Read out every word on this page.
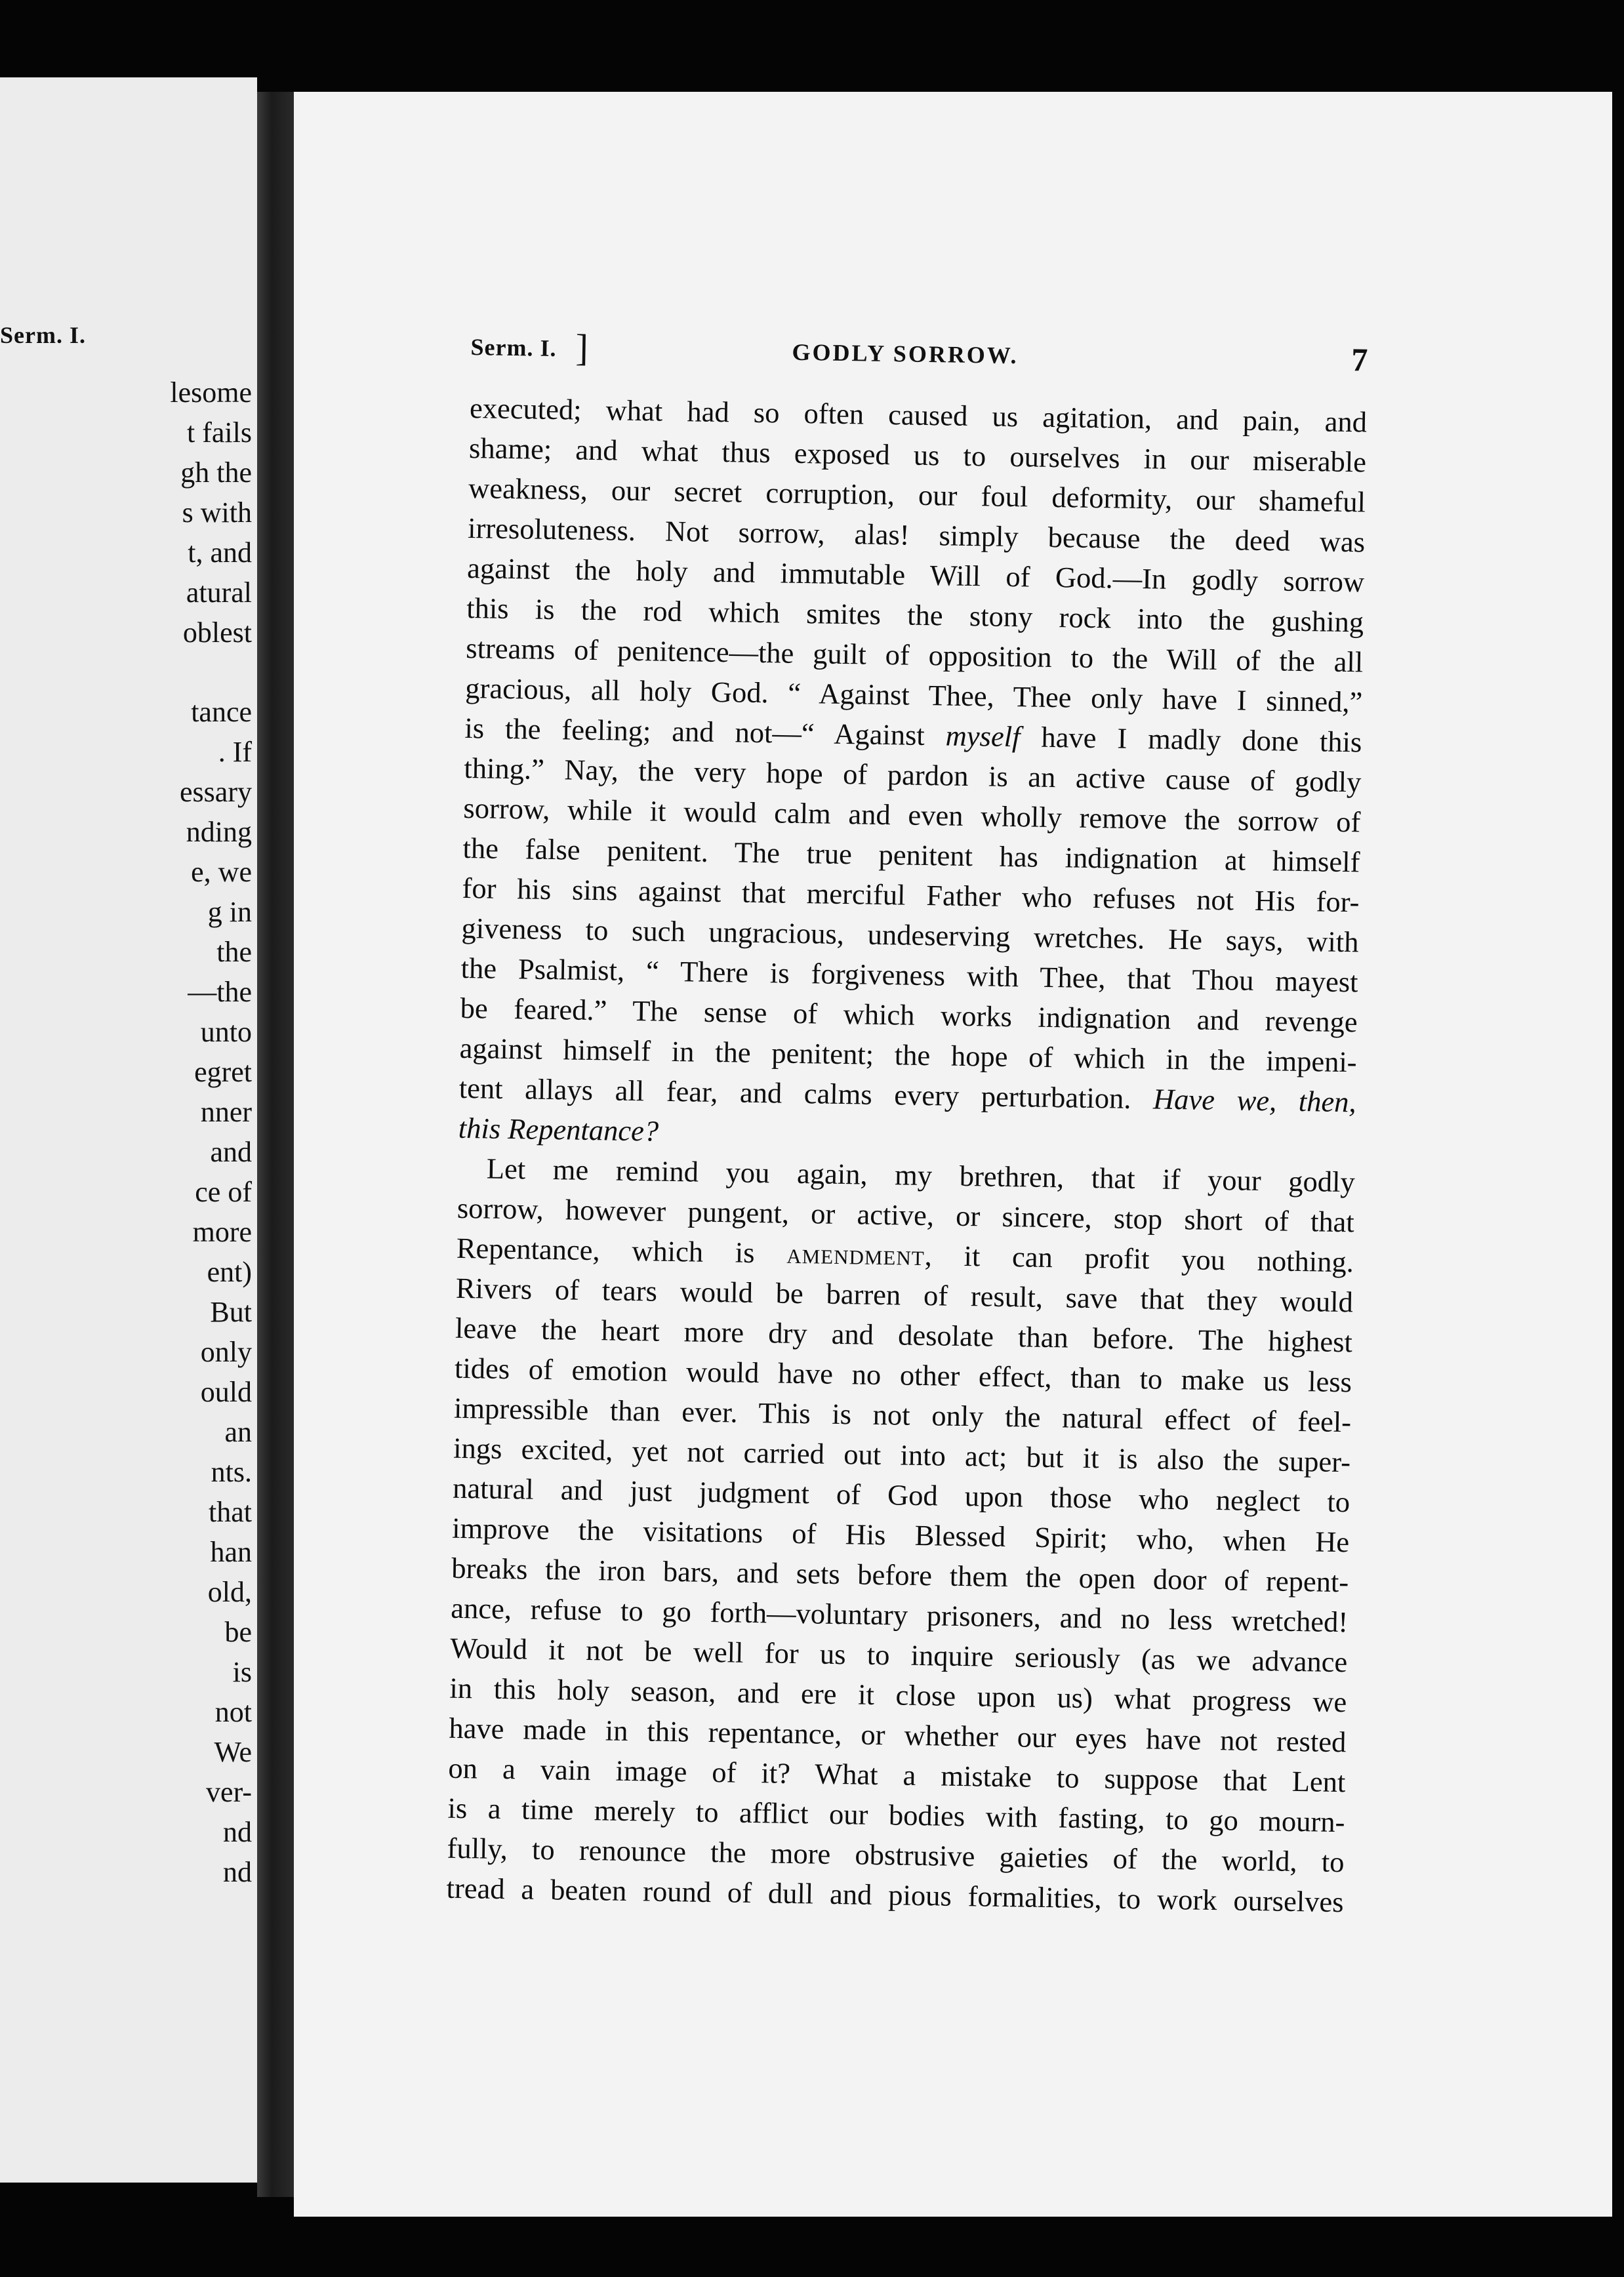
Serm. I.
lesome
t fails
gh the
s with
t, and
atural
oblest
tance
. If
essary
nding
e, we
g in
the
—the
unto
egret
nner
and
ce of
more
ent)
But
only
ould
an
nts.
that
han
old,
be
is
not
We
ver-
nd
nd
Serm. I. ]	GODLY SORROW.	7
executed; what had so often caused us agitation, and pain, and
shame; and what thus exposed us to ourselves in our miserable
weakness, our secret corruption, our foul deformity, our shameful
irresoluteness. Not sorrow, alas! simply because the deed was
against the holy and immutable Will of God.—In godly sorrow
this is the rod which smites the stony rock into the gushing
streams of penitence—the guilt of opposition to the Will of the all
gracious, all holy God. “ Against Thee, Thee only have I sinned,”
is the feeling; and not—“ Against myself have I madly done this
thing.” Nay, the very hope of pardon is an active cause of godly
sorrow, while it would calm and even wholly remove the sorrow of
the false penitent. The true penitent has indignation at himself
for his sins against that merciful Father who refuses not His for-
giveness to such ungracious, undeserving wretches. He says, with
the Psalmist, “ There is forgiveness with Thee, that Thou mayest
be feared.” The sense of which works indignation and revenge
against himself in the penitent; the hope of which in the impeni-
tent allays all fear, and calms every perturbation. Have we, then,
this Repentance?
Let me remind you again, my brethren, that if your godly
sorrow, however pungent, or active, or sincere, stop short of that
Repentance, which is amendment, it can profit you nothing.
Rivers of tears would be barren of result, save that they would
leave the heart more dry and desolate than before. The highest
tides of emotion would have no other effect, than to make us less
impressible than ever. This is not only the natural effect of feel-
ings excited, yet not carried out into act; but it is also the super-
natural and just judgment of God upon those who neglect to
improve the visitations of His Blessed Spirit; who, when He
breaks the iron bars, and sets before them the open door of repent-
ance, refuse to go forth—voluntary prisoners, and no less wretched!
Would it not be well for us to inquire seriously (as we advance
in this holy season, and ere it close upon us) what progress we
have made in this repentance, or whether our eyes have not rested
on a vain image of it? What a mistake to suppose that Lent
is a time merely to afflict our bodies with fasting, to go mourn-
fully, to renounce the more obstrusive gaieties of the world, to
tread a beaten round of dull and pious formalities, to work ourselves
